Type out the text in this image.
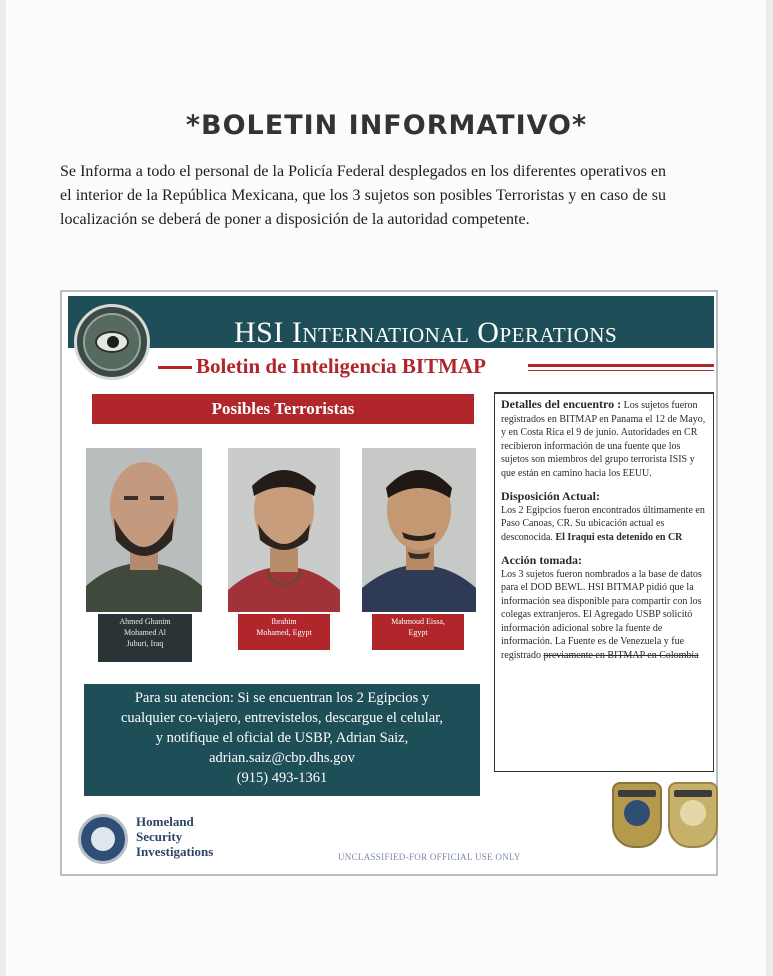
*BOLETIN INFORMATIVO*

Se Informa a todo el personal de la Policía Federal desplegados en los diferentes operativos en el interior de la República Mexicana, que los 3 sujetos son posibles Terroristas y en caso de su localización se deberá de poner a disposición de la autoridad competente.

HSI International Operations
Boletin de Inteligencia BITMAP
Posibles Terroristas
Ahmed Ghanim
Mohamed Al
Juburi, Iraq
Ibrahim
Mohamed, Egypt
Mahmoud Eissa,
Egypt
Detalles del encuentro : Los sujetos fueron registrados en BITMAP en Panama el 12 de Mayo, y en Costa Rica el 9 de junio. Autoridades en CR recibieron información de una fuente que los sujetos son miembros del grupo terrorista ISIS y que están en camino hacia los EEUU.
Disposición Actual:
Los 2 Egipcios fueron encontrados últimamente en Paso Canoas, CR. Su ubicación actual es desconocida. El Iraqui esta detenido en CR
Acción tomada:
Los 3 sujetos fueron nombrados a la base de datos para el DOD BEWL. HSI BITMAP pidió que la información sea disponible para compartir con los colegas extranjeros. El Agregado USBP solicitó información adicional sobre la fuente de información. La Fuente es de Venezuela y fue registrado previamente en BITMAP en Colombia
Para su atencion: Si se encuentran los 2 Egipcios y
cualquier co-viajero, entrevistelos, descargue el celular,
y notifique el oficial de USBP, Adrian Saiz,
adrian.saiz@cbp.dhs.gov
(915) 493-1361
Homeland
Security
Investigations	UNCLASSIFIED-FOR OFFICIAL USE ONLY
